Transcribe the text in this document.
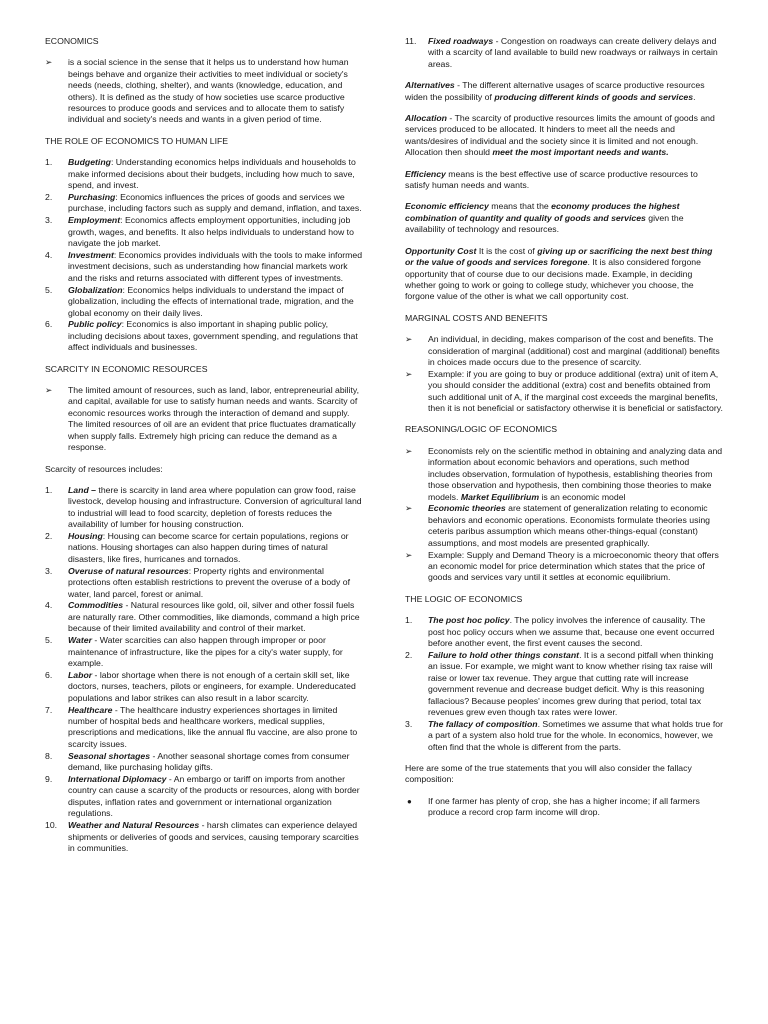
ECONOMICS

➢ is a social science in the sense that it helps us to understand how human beings behave and organize their activities to meet individual or society's needs (needs, clothing, shelter), and wants (knowledge, education, and others). It is defined as the study of how societies use scarce productive resources to produce goods and services and to allocate them to satisfy individual and society's needs and wants in a given period of time.

THE ROLE OF ECONOMICS TO HUMAN LIFE

1. Budgeting: Understanding economics helps individuals and households to make informed decisions about their budgets, including how much to save, spend, and invest.
2. Purchasing: Economics influences the prices of goods and services we purchase, including factors such as supply and demand, inflation, and taxes.
3. Employment: Economics affects employment opportunities, including job growth, wages, and benefits. It also helps individuals to understand how to navigate the job market.
4. Investment: Economics provides individuals with the tools to make informed investment decisions, such as understanding how financial markets work and the risks and returns associated with different types of investments.
5. Globalization: Economics helps individuals to understand the impact of globalization, including the effects of international trade, migration, and the global economy on their daily lives.
6. Public policy: Economics is also important in shaping public policy, including decisions about taxes, government spending, and regulations that affect individuals and businesses.

SCARCITY IN ECONOMIC RESOURCES

➢ The limited amount of resources, such as land, labor, entrepreneurial ability, and capital, available for use to satisfy human needs and wants. Scarcity of economic resources works through the interaction of demand and supply. The limited resources of oil are an evident that price fluctuates dramatically when supply falls. Extremely high pricing can reduce the demand as a response.

Scarcity of resources includes:

1. Land – there is scarcity in land area where population can grow food, raise livestock, develop housing and infrastructure. Conversion of agricultural land to industrial will lead to food scarcity, depletion of forests reduces the availability of lumber for housing construction.
2. Housing: Housing can become scarce for certain populations, regions or nations. Housing shortages can also happen during times of natural disasters, like fires, hurricanes and tornados.
3. Overuse of natural resources: Property rights and environmental protections often establish restrictions to prevent the overuse of a body of water, land parcel, forest or animal.
4. Commodities - Natural resources like gold, oil, silver and other fossil fuels are naturally rare. Other commodities, like diamonds, command a high price because of their limited availability and control of their market.
5. Water - Water scarcities can also happen through improper or poor maintenance of infrastructure, like the pipes for a city's water supply, for example.
6. Labor - labor shortage when there is not enough of a certain skill set, like doctors, nurses, teachers, pilots or engineers, for example. Undereducated populations and labor strikes can also result in a labor scarcity.
7. Healthcare - The healthcare industry experiences shortages in limited number of hospital beds and healthcare workers, medical supplies, prescriptions and medications, like the annual flu vaccine, are also prone to scarcity issues.
8. Seasonal shortages - Another seasonal shortage comes from consumer demand, like purchasing holiday gifts.
9. International Diplomacy - An embargo or tariff on imports from another country can cause a scarcity of the products or resources, along with border disputes, inflation rates and government or international organization regulations.
10. Weather and Natural Resources - harsh climates can experience delayed shipments or deliveries of goods and services, causing temporary scarcities in communities.
11. Fixed roadways - Congestion on roadways can create delivery delays and with a scarcity of land available to build new roadways or railways in certain areas.

Alternatives - The different alternative usages of scarce productive resources widen the possibility of producing different kinds of goods and services.

Allocation - The scarcity of productive resources limits the amount of goods and services produced to be allocated. It hinders to meet all the needs and wants/desires of individual and the society since it is limited and not enough. Allocation then should meet the most important needs and wants.

Efficiency means is the best effective use of scarce productive resources to satisfy human needs and wants.

Economic efficiency means that the economy produces the highest combination of quantity and quality of goods and services given the availability of technology and resources.

Opportunity Cost It is the cost of giving up or sacrificing the next best thing or the value of goods and services foregone. It is also considered forgone opportunity that of course due to our decisions made. Example, in deciding whether going to work or going to college study, whichever you choose, the forgone value of the other is what we call opportunity cost.

MARGINAL COSTS AND BENEFITS

➢ An individual, in deciding, makes comparison of the cost and benefits. The consideration of marginal (additional) cost and marginal (additional) benefits in choices made occurs due to the presence of scarcity.
➢ Example: if you are going to buy or produce additional (extra) unit of item A, you should consider the additional (extra) cost and benefits obtained from such additional unit of A, if the marginal cost exceeds the marginal benefits, then it is not beneficial or satisfactory otherwise it is beneficial or satisfactory.

REASONING/LOGIC OF ECONOMICS

➢ Economists rely on the scientific method in obtaining and analyzing data and information about economic behaviors and operations, such method includes observation, formulation of hypothesis, establishing theories from those observation and hypothesis, then combining those theories to make models. Market Equilibrium is an economic model
➢ Economic theories are statement of generalization relating to economic behaviors and economic operations. Economists formulate theories using ceteris paribus assumption which means other-things-equal (constant) assumptions, and most models are presented graphically.
➢ Example: Supply and Demand Theory is a microeconomic theory that offers an economic model for price determination which states that the price of goods and services vary until it settles at economic equilibrium.

THE LOGIC OF ECONOMICS

1. The post hoc policy. The policy involves the inference of causality. The post hoc policy occurs when we assume that, because one event occurred before another event, the first event causes the second.
2. Failure to hold other things constant. It is a second pitfall when thinking an issue. For example, we might want to know whether rising tax raise will raise or lower tax revenue. They argue that cutting rate will increase government revenue and decrease budget deficit. Why is this reasoning fallacious? Because peoples' incomes grew during that period, total tax revenues grew even though tax rates were lower.
3. The fallacy of composition. Sometimes we assume that what holds true for a part of a system also hold true for the whole. In economics, however, we often find that the whole is different from the parts.

Here are some of the true statements that you will also consider the fallacy composition:

● If one farmer has plenty of crop, she has a higher income; if all farmers produce a record crop farm income will drop.
